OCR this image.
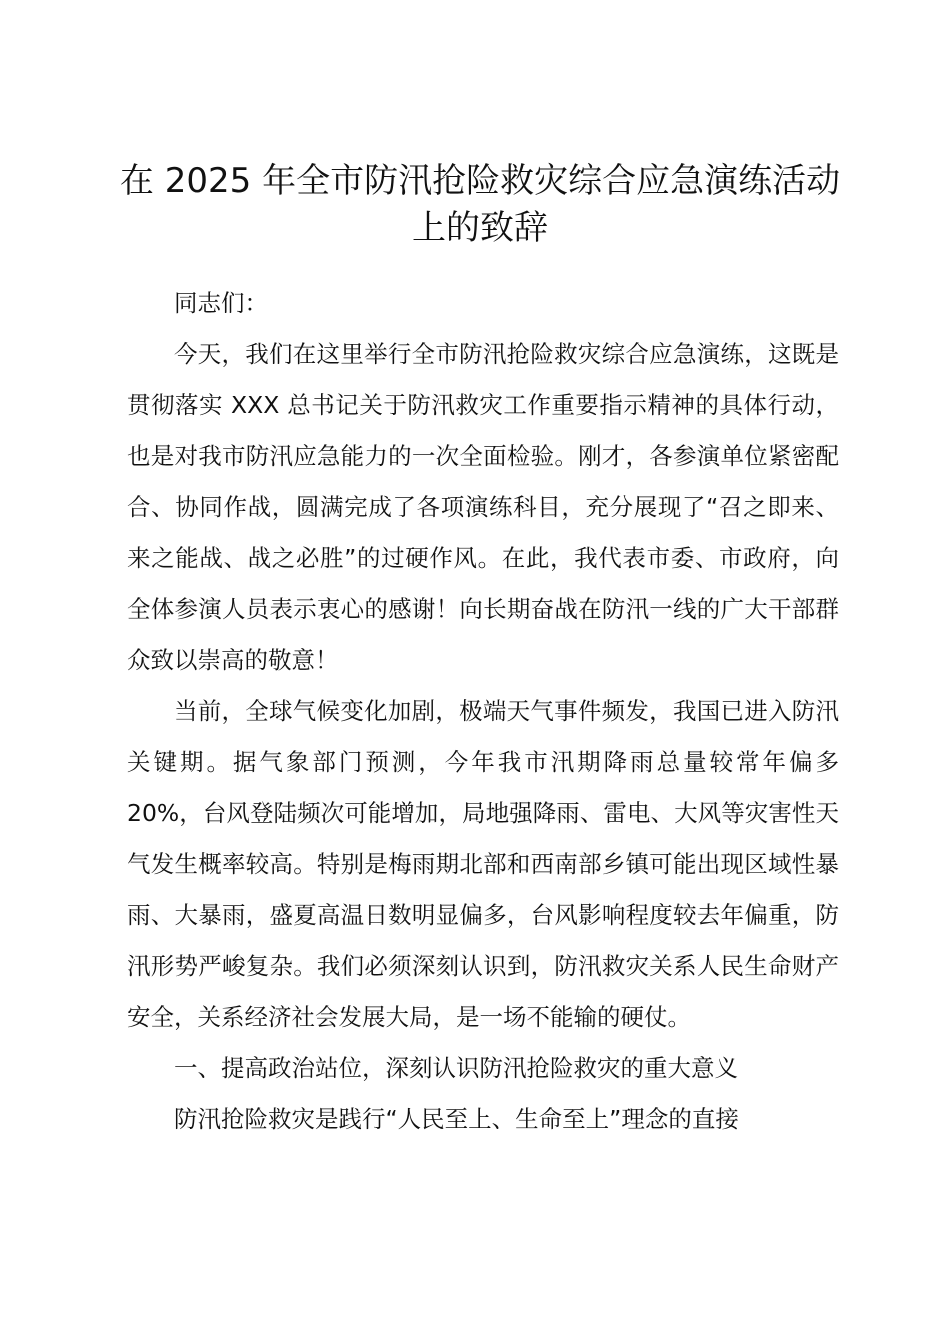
在 2025 年全市防汛抢险救灾综合应急演练活动上的致辞

同志们：

今天，我们在这里举行全市防汛抢险救灾综合应急演练，这既是贯彻落实 XXX 总书记关于防汛救灾工作重要指示精神的具体行动，也是对我市防汛应急能力的一次全面检验。刚才，各参演单位紧密配合、协同作战，圆满完成了各项演练科目，充分展现了“召之即来、来之能战、战之必胜”的过硬作风。在此，我代表市委、市政府，向全体参演人员表示衷心的感谢！向长期奋战在防汛一线的广大干部群众致以崇高的敬意！

当前，全球气候变化加剧，极端天气事件频发，我国已进入防汛关键期。据气象部门预测，今年我市汛期降雨总量较常年偏多 20%，台风登陆频次可能增加，局地强降雨、雷电、大风等灾害性天气发生概率较高。特别是梅雨期北部和西南部乡镇可能出现区域性暴雨、大暴雨，盛夏高温日数明显偏多，台风影响程度较去年偏重，防汛形势严峻复杂。我们必须深刻认识到，防汛救灾关系人民生命财产安全，关系经济社会发展大局，是一场不能输的硬仗。

一、提高政治站位，深刻认识防汛抢险救灾的重大意义

防汛抢险救灾是践行“人民至上、生命至上”理念的直接
